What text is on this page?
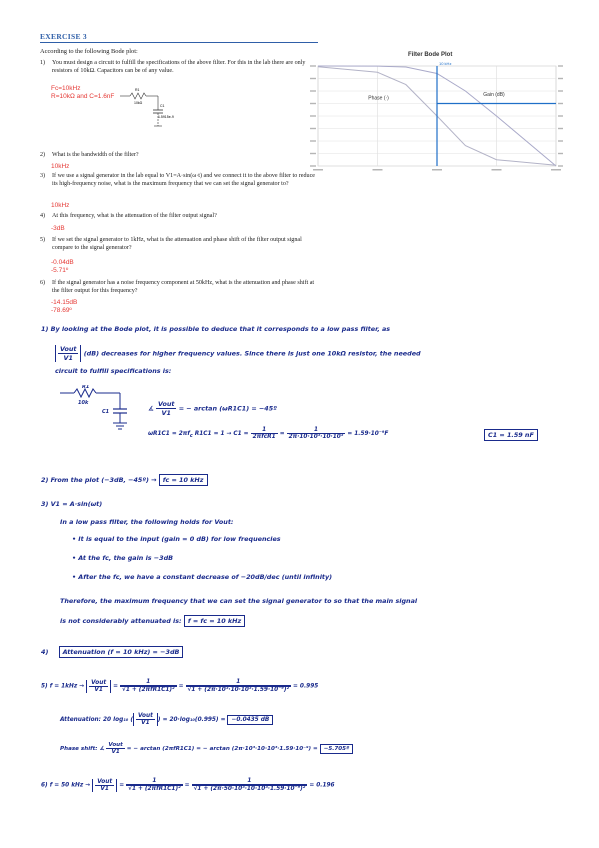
EXERCISE 3
According to the following Bode plot:
1) You must design a circuit to fulfill the specifications of the above filter. For this in the lab there are only resistors of 10kΩ. Capacitors can be of any value.
Fc=10kHz
R=10kΩ and C=1.6nF
R1
10kΩ
C1
1.5915e-9
2) What is the bandwidth of the filter?
10kHz
3) If we use a signal generator in the lab equal to V1=A·sin(ω·t) and we connect it to the above filter to reduce its high-frequency noise, what is the maximum frequency that we can set the signal generator to?
10kHz
4) At this frequency, what is the attenuation of the filter output signal?
-3dB
5) If we set the signal generator to 1kHz, what is the attenuation and phase shift of the filter output signal compare to the signal generator?
-0.04dB
-5.71º
6) If the signal generator has a noise frequency component at 50kHz, what is the attenuation and phase shift at the filter output for this frequency?
-14.15dB
-78.69º
Filter Bode Plot
10 kHz
Gain (dB)
Phase (·)
1) By looking at the Bode plot, it is possible to deduce that it corresponds to a low pass filter, as
$\frac{\text{Vout}}{V1} (dB)$ decreases for higher frequency values. Since there is just one 10kΩ resistor, the needed
circuit to fulfill specifications is:
R1
10k
C1	∡ $\frac{\text{Vout}}{V1}$ = − arctan (ωR1C1) = −45º
$\omega R1C1 = 2\pi f_c$ $R1C1 = 1 \to C1 = \frac{1}{\text{2πfcR1}} = \frac{1}{\text{2π·10·10³·10·10³}} = 1.59\cdot 10^{-9}F$	C1 = 1.59 nF
2) From the plot (−3dB, −45º) → fc = 10 kHz
3) V1 = A·sin(ωt)
In a low pass filter, the following holds for Vout:
• It is equal to the input (gain = 0 dB) for low frequencies
• At the fc, the gain is −3dB
• After the fc, we have a constant decrease of −20dB/dec (until infinity)
Therefore, the maximum frequency that we can set the signal generator to so that the main signal
is not considerably attenuated is: f = fc = 10 kHz
4) Attenuation (f = 10 kHz) = −3dB
5) $f = 1kHz \to \frac{\text{Vout}}{V1} = \frac{1}{\text{√1 + (2πfR1C1)²}} = \frac{1}{\text{√1 + (2π·10³·10·10³·1.59·10⁻⁹)²}} = 0.995$
Attenuation: 20 log₁₀ ( $\frac{\text{Vout}}{V1}$ ) = 20·log₁₀(0.995) = −0.0435 dB
Phase shift: ∡ $\frac{\text{Vout}}{V1}$ = − arctan (2πfR1C1) = − arctan (2π·10³·10·10³·1.59·10⁻⁹) = −5.705º
6) f = 50 kHz → $\frac{\text{Vout}}{V1} = \frac{1}{\text{√1 + (2πfR1C1)²}} = \frac{1}{\text{√1 + (2π·50·10³·10·10³·1.59·10⁻⁹)²}} = 0.196$
